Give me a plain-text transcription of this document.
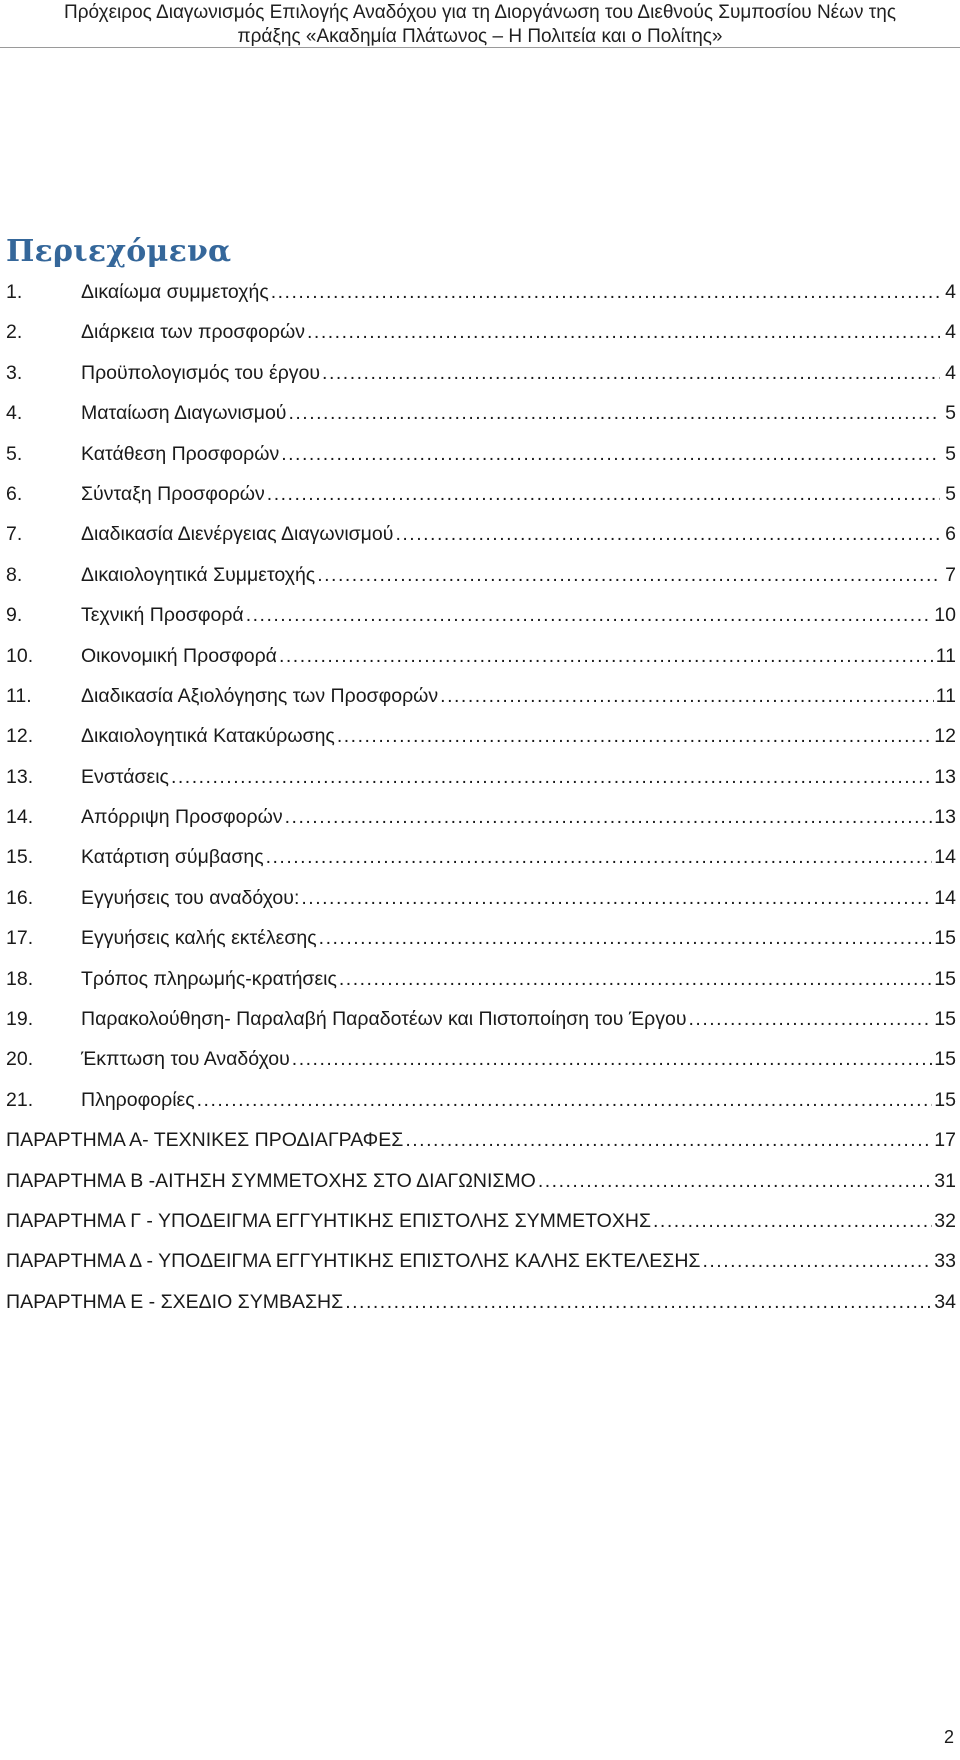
Πρόχειρος Διαγωνισμός Επιλογής Αναδόχου για τη Διοργάνωση του Διεθνούς Συμποσίου Νέων της
πράξης «Ακαδημία Πλάτωνος – Η Πολιτεία και ο Πολίτης»
Περιεχόμενα
1.	Δικαίωμα συμμετοχής .....	4
2.	Διάρκεια των προσφορών .....	4
3.	Προϋπολογισμός του έργου .....	4
4.	Ματαίωση Διαγωνισμού .....	5
5.	Κατάθεση Προσφορών .....	5
6.	Σύνταξη Προσφορών .....	5
7.	Διαδικασία Διενέργειας Διαγωνισμού .....	6
8.	Δικαιολογητικά Συμμετοχής .....	7
9.	Τεχνική Προσφορά .....	10
10.	Οικονομική Προσφορά .....	11
11.	Διαδικασία Αξιολόγησης των Προσφορών .....	11
12.	Δικαιολογητικά Κατακύρωσης .....	12
13.	Ενστάσεις .....	13
14.	Απόρριψη Προσφορών .....	13
15.	Κατάρτιση σύμβασης .....	14
16.	Εγγυήσεις του αναδόχου: .....	14
17.	Εγγυήσεις καλής εκτέλεσης .....	15
18.	Τρόπος πληρωμής-κρατήσεις .....	15
19.	Παρακολούθηση- Παραλαβή Παραδοτέων και Πιστοποίηση του Έργου .....	15
20.	Έκπτωση του Αναδόχου .....	15
21.	Πληροφορίες .....	15
ΠΑΡΑΡΤΗΜΑ Α- ΤΕΧΝΙΚΕΣ ΠΡΟΔΙΑΓΡΑΦΕΣ .....	17
ΠΑΡΑΡΤΗΜΑ Β -ΑΙΤΗΣΗ ΣΥΜΜΕΤΟΧΗΣ ΣΤΟ ΔΙΑΓΩΝΙΣΜΟ .....	31
ΠΑΡΑΡΤΗΜΑ Γ - ΥΠΟΔΕΙΓΜΑ ΕΓΓΥΗΤΙΚΗΣ ΕΠΙΣΤΟΛΗΣ ΣΥΜΜΕΤΟΧΗΣ .....	32
ΠΑΡΑΡΤΗΜΑ Δ - ΥΠΟΔΕΙΓΜΑ ΕΓΓΥΗΤΙΚΗΣ ΕΠΙΣΤΟΛΗΣ ΚΑΛΗΣ ΕΚΤΕΛΕΣΗΣ .....	33
ΠΑΡΑΡΤΗΜΑ Ε - ΣΧΕΔΙΟ ΣΥΜΒΑΣΗΣ .....	34
2
